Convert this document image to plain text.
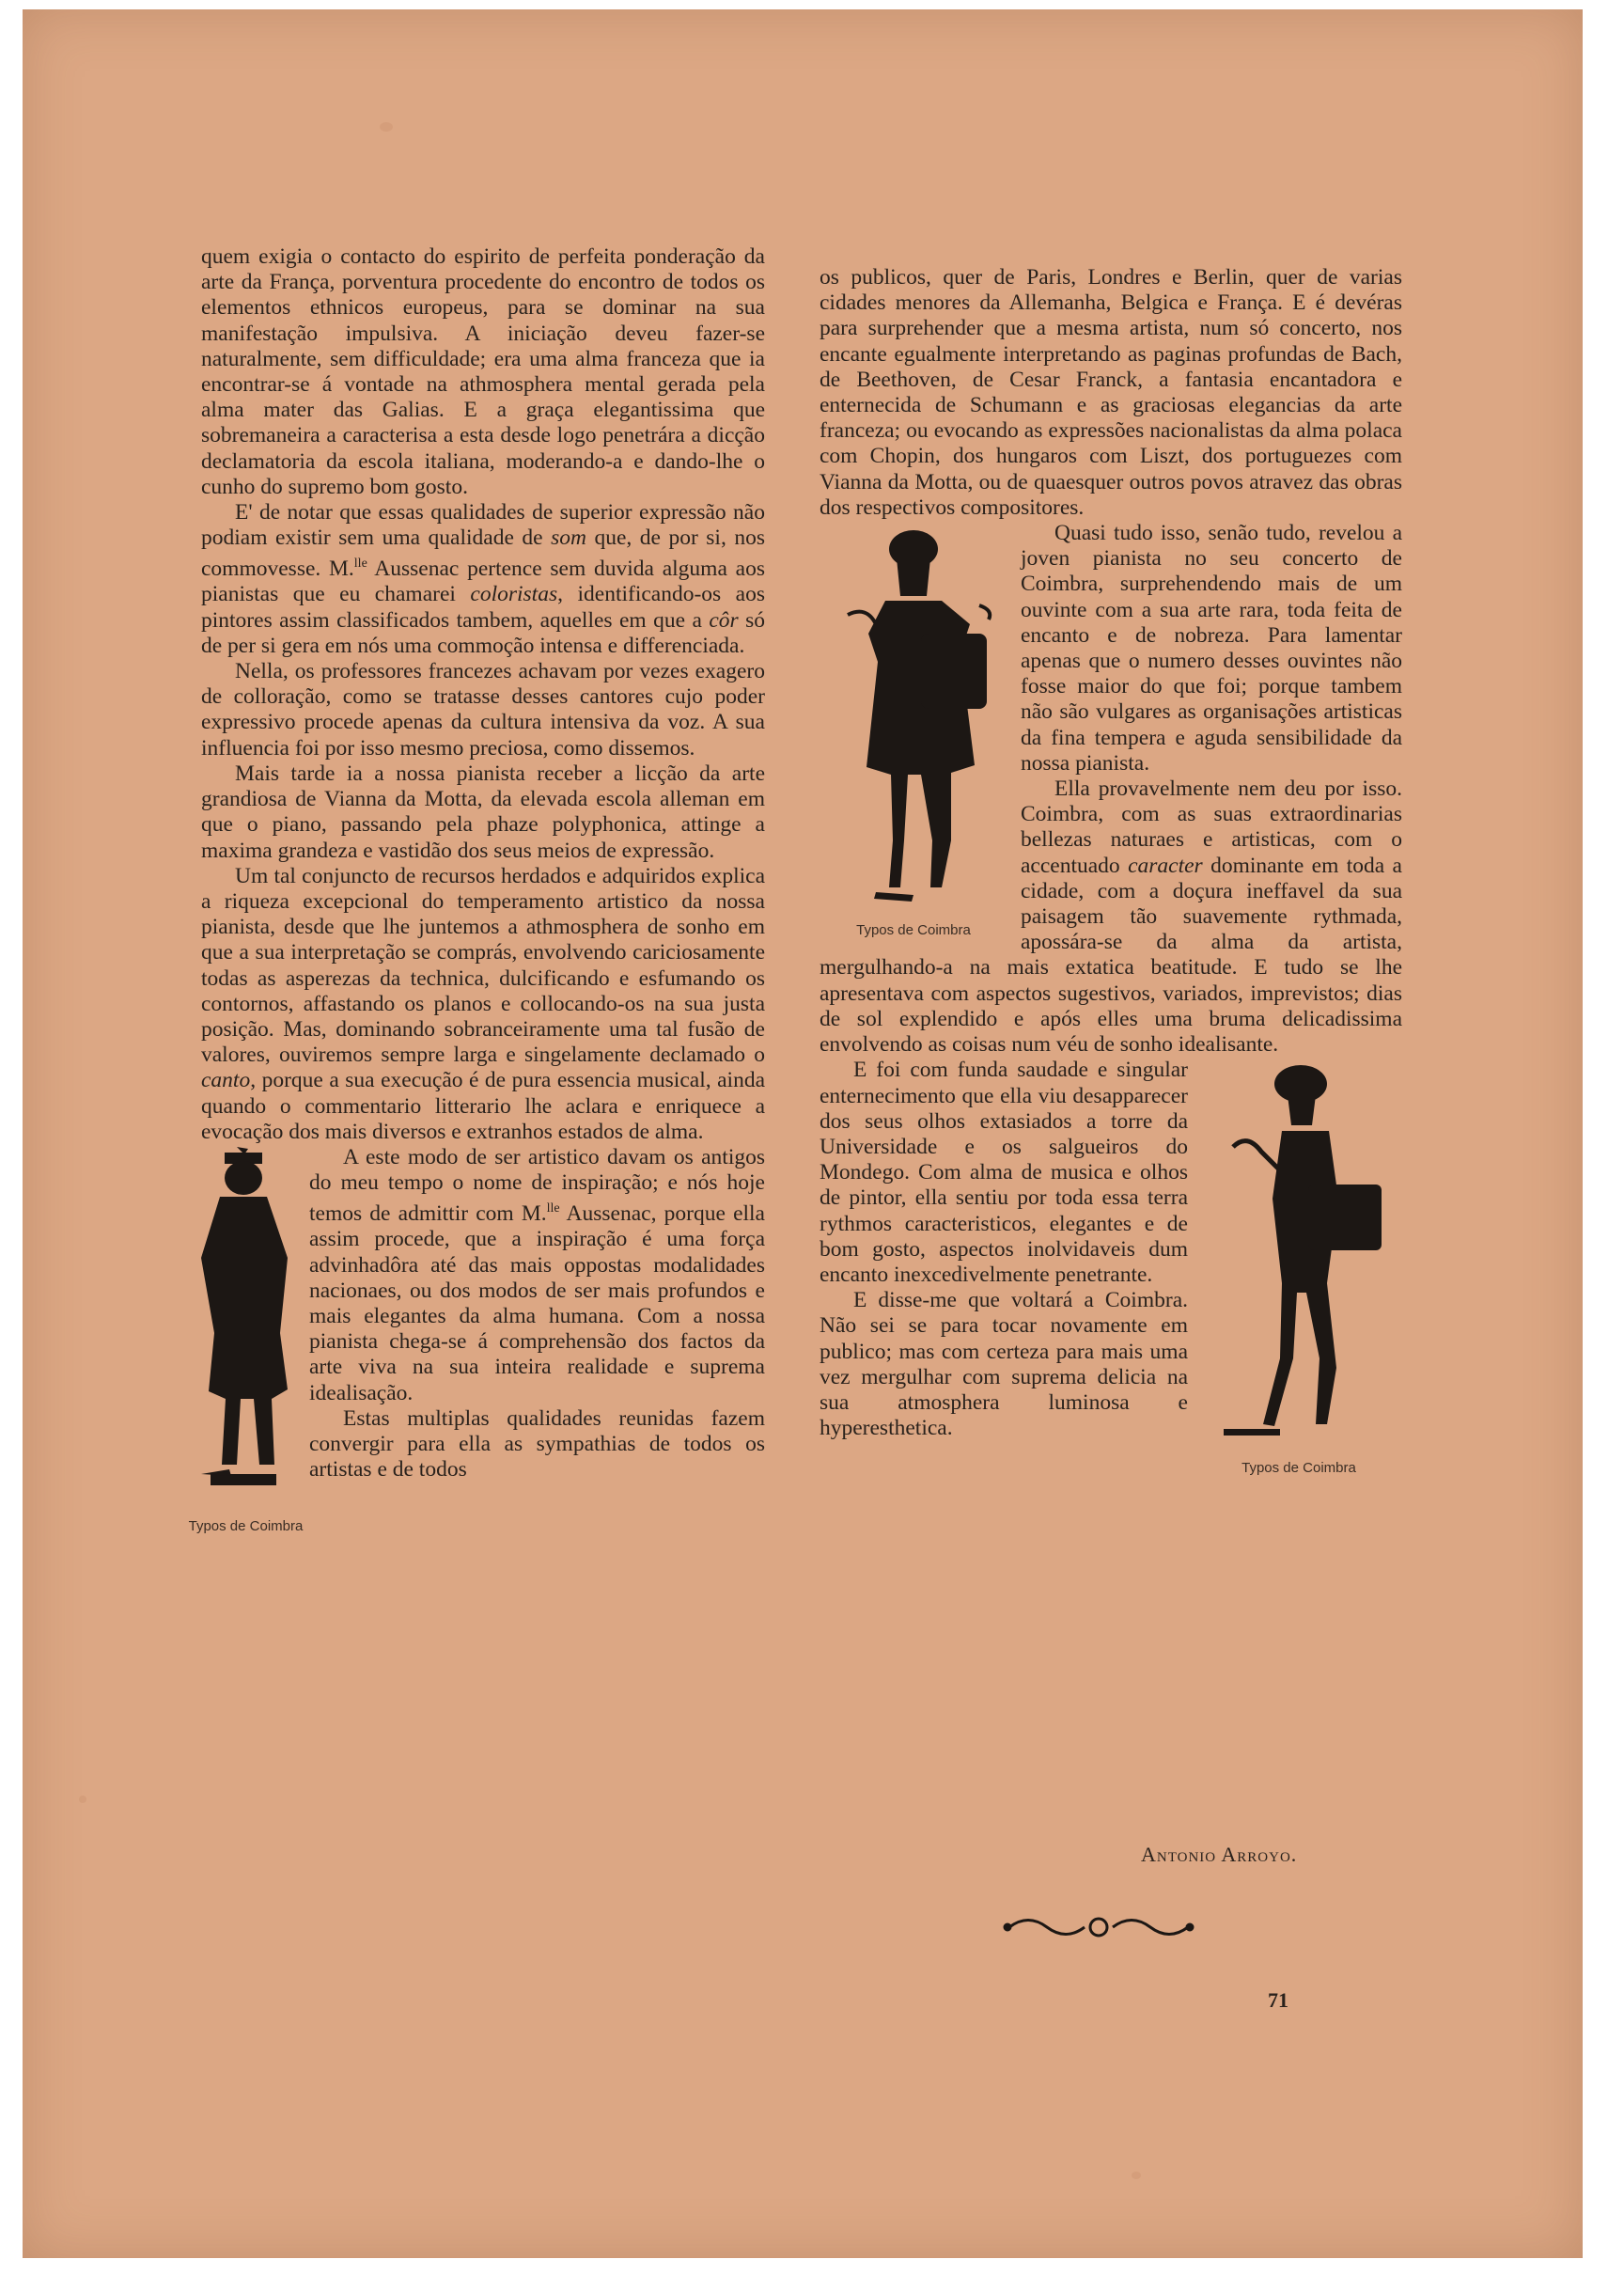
quem exigia o contacto do espirito de perfeita ponderação da arte da França, porventura procedente do encontro de todos os elementos ethnicos europeus, para se dominar na sua manifestação impulsiva. A iniciação deveu fazer-se naturalmente, sem difficuldade; era uma alma franceza que ia encontrar-se á vontade na athmosphera mental gerada pela alma mater das Galias. E a graça elegantissima que sobremaneira a caracterisa a esta desde logo penetrára a dicção declamatoria da escola italiana, moderando-a e dando-lhe o cunho do supremo bom gosto.

E' de notar que essas qualidades de superior expressão não podiam existir sem uma qualidade de som que, de por si, nos commovesse. M.$^{lle}$ Aussenac pertence sem duvida alguma aos pianistas que eu chamarei coloristas, identificando-os aos pintores assim classificados tambem, aquelles em que a côr só de per si gera em nós uma commoção intensa e differenciada.

Nella, os professores francezes achavam por vezes exagero de colloração, como se tratasse desses cantores cujo poder expressivo procede apenas da cultura intensiva da voz. A sua influencia foi por isso mesmo preciosa, como dissemos.

Mais tarde ia a nossa pianista receber a licção da arte grandiosa de Vianna da Motta, da elevada escola alleman em que o piano, passando pela phaze polyphonica, attinge a maxima grandeza e vastidão dos seus meios de expressão.

Um tal conjuncto de recursos herdados e adquiridos explica a riqueza excepcional do temperamento artistico da nossa pianista, desde que lhe juntemos a athmosphera de sonho em que a sua interpretação se comprás, envolvendo cariciosamente todas as asperezas da technica, dulcificando e esfumando os contornos, affastando os planos e collocando-os na sua justa posição. Mas, dominando sobranceiramente uma tal fusão de valores, ouviremos sempre larga e singelamente declamado o canto, porque a sua execução é de pura essencia musical, ainda quando o commentario litterario lhe aclara e enriquece a evocação dos mais diversos e extranhos estados de alma.

Typos de Coimbra

A este modo de ser artistico davam os antigos do meu tempo o nome de inspiração; e nós hoje temos de admittir com M.$^{lle}$ Aussenac, porque ella assim procede, que a inspiração é uma força advinhadôra até das mais oppostas modalidades nacionaes, ou dos modos de ser mais profundos e mais elegantes da alma humana. Com a nossa pianista chega-se á comprehensão dos factos da arte viva na sua inteira realidade e suprema idealisação.

Estas multiplas qualidades reunidas fazem convergir para ella as sympathias de todos os artistas e de todos

os publicos, quer de Paris, Londres e Berlin, quer de varias cidades menores da Allemanha, Belgica e França. E é devéras para surprehender que a mesma artista, num só concerto, nos encante egualmente interpretando as paginas profundas de Bach, de Beethoven, de Cesar Franck, a fantasia encantadora e enternecida de Schumann e as graciosas elegancias da arte franceza; ou evocando as expressões nacionalistas da alma polaca com Chopin, dos hungaros com Liszt, dos portuguezes com Vianna da Motta, ou de quaesquer outros povos atravez das obras dos respectivos compositores.

Typos de Coimbra

Quasi tudo isso, senão tudo, revelou a joven pianista no seu concerto de Coimbra, surprehendendo mais de um ouvinte com a sua arte rara, toda feita de encanto e de nobreza. Para lamentar apenas que o numero desses ouvintes não fosse maior do que foi; porque tambem não são vulgares as organisações artisticas da fina tempera e aguda sensibilidade da nossa pianista.

Ella provavelmente nem deu por isso. Coimbra, com as suas extraordinarias bellezas naturaes e artisticas, com o accentuado caracter dominante em toda a cidade, com a doçura ineffavel da sua paisagem tão suavemente rythmada, apossára-se da alma da artista, mergulhando-a na mais extatica beatitude. E tudo se lhe apresentava com aspectos sugestivos, variados, imprevistos; dias de sol explendido e após elles uma bruma delicadissima envolvendo as coisas num véu de sonho idealisante.

Typos de Coimbra

E foi com funda saudade e singular enternecimento que ella viu desapparecer dos seus olhos extasiados a torre da Universidade e os salgueiros do Mondego. Com alma de musica e olhos de pintor, ella sentiu por toda essa terra rythmos caracteristicos, elegantes e de bom gosto, aspectos inolvidaveis dum encanto inexcedivelmente penetrante.

E disse-me que voltará a Coimbra. Não sei se para tocar novamente em publico; mas com certeza para mais uma vez mergulhar com suprema delicia na sua atmosphera luminosa e hyperesthetica.

Antonio Arroyo.
71
